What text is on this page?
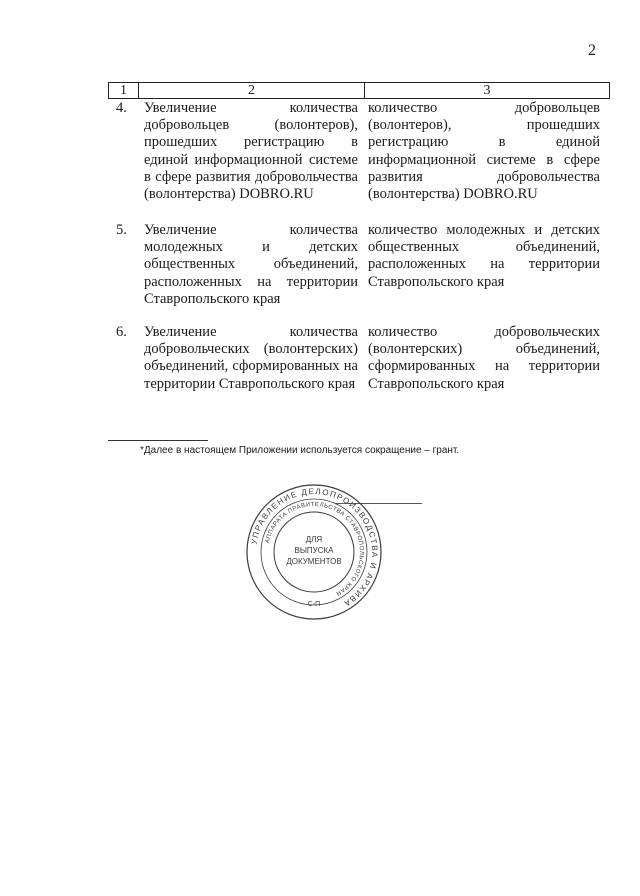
2
1	2	3
4. Увеличение количества добровольцев (волонтеров), прошедших регистрацию в единой информационной системе в сфере развития добровольчества (волонтерства) DOBRO.RU
количество добровольцев (волонтеров), прошедших регистрацию в единой информационной системе в сфере развития добровольчества (волонтерства) DOBRO.RU
5. Увеличение количества молодежных и детских общественных объединений, расположенных на территории Ставропольского края
количество молодежных и детских общественных объединений, расположенных на территории Ставропольского края
6. Увеличение количества добровольческих (волонтерских) объединений, сформированных на территории Ставропольского края
количество добровольческих (волонтерских) объединений, сформированных на территории Ставропольского края
*Далее в настоящем Приложении используется сокращение – грант.
УПРАВЛЕНИЕ ДЕЛОПРОИЗВОДСТВА И АРХИВА
АППАРАТА ПРАВИТЕЛЬСТВА СТАВРОПОЛЬСКОГО КРАЯ
ДЛЯ
ВЫПУСКА
ДОКУМЕНТОВ
С-П
